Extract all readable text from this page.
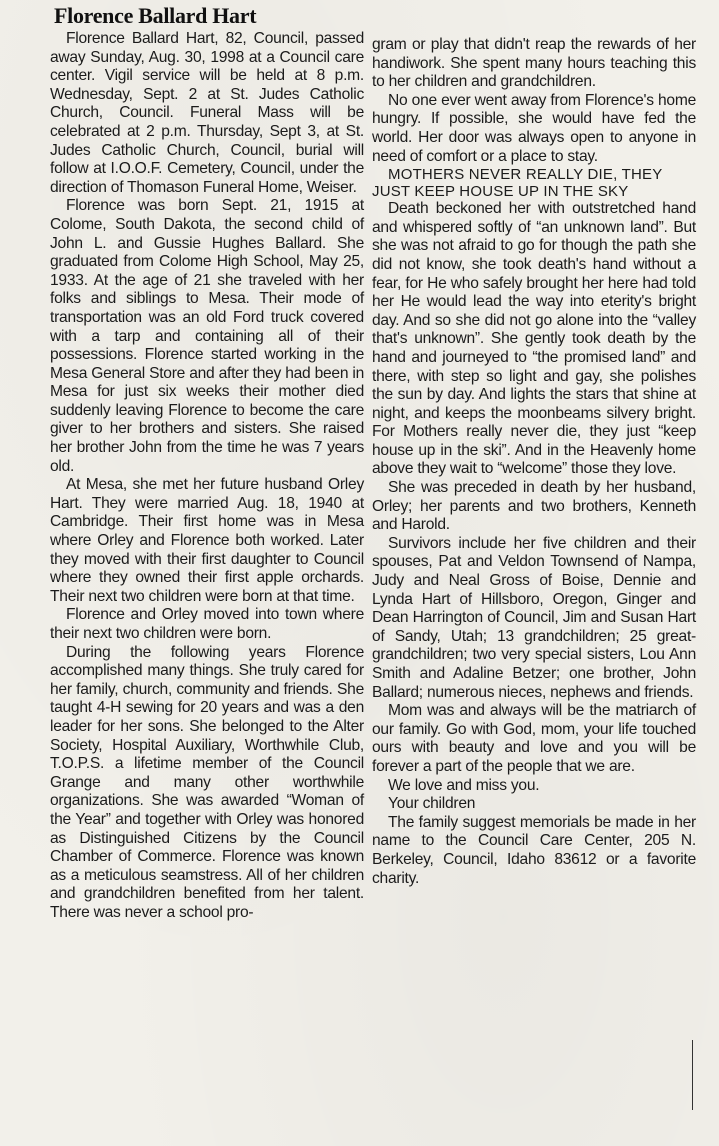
Florence Ballard Hart

Florence Ballard Hart, 82, Council, passed away Sunday, Aug. 30, 1998 at a Council care center. Vigil service will be held at 8 p.m. Wednesday, Sept. 2 at St. Judes Catholic Church, Council. Funeral Mass will be celebrated at 2 p.m. Thursday, Sept 3, at St. Judes Catholic Church, Council, burial will follow at I.O.O.F. Cemetery, Council, under the direction of Thomason Funeral Home, Weiser.

Florence was born Sept. 21, 1915 at Colome, South Dakota, the second child of John L. and Gussie Hughes Ballard. She graduated from Colome High School, May 25, 1933. At the age of 21 she traveled with her folks and siblings to Mesa. Their mode of transportation was an old Ford truck covered with a tarp and containing all of their possessions. Florence started working in the Mesa General Store and after they had been in Mesa for just six weeks their mother died suddenly leaving Florence to become the care giver to her brothers and sisters. She raised her brother John from the time he was 7 years old.

At Mesa, she met her future husband Orley Hart. They were married Aug. 18, 1940 at Cambridge. Their first home was in Mesa where Orley and Florence both worked. Later they moved with their first daughter to Council where they owned their first apple orchards. Their next two children were born at that time.

Florence and Orley moved into town where their next two children were born.

During the following years Florence accomplished many things. She truly cared for her family, church, community and friends. She taught 4-H sewing for 20 years and was a den leader for her sons. She belonged to the Alter Society, Hospital Auxiliary, Worthwhile Club, T.O.P.S. a lifetime member of the Council Grange and many other worthwhile organizations. She was awarded “Woman of the Year” and together with Orley was honored as Distinguished Citizens by the Council Chamber of Commerce. Florence was known as a meticulous seamstress. All of her children and grandchildren benefited from her talent. There was never a school pro-

gram or play that didn't reap the rewards of her handiwork. She spent many hours teaching this to her children and grandchildren.

No one ever went away from Florence's home hungry. If possible, she would have fed the world. Her door was always open to anyone in need of comfort or a place to stay.

MOTHERS NEVER REALLY DIE, THEY JUST KEEP HOUSE UP IN THE SKY

Death beckoned her with outstretched hand and whispered softly of “an unknown land”. But she was not afraid to go for though the path she did not know, she took death's hand without a fear, for He who safely brought her here had told her He would lead the way into eterity's bright day. And so she did not go alone into the “valley that's unknown”. She gently took death by the hand and journeyed to “the promised land” and there, with step so light and gay, she polishes the sun by day. And lights the stars that shine at night, and keeps the moonbeams silvery bright. For Mothers really never die, they just “keep house up in the ski”. And in the Heavenly home above they wait to “welcome” those they love.

She was preceded in death by her husband, Orley; her parents and two brothers, Kenneth and Harold.

Survivors include her five children and their spouses, Pat and Veldon Townsend of Nampa, Judy and Neal Gross of Boise, Dennie and Lynda Hart of Hillsboro, Oregon, Ginger and Dean Harrington of Council, Jim and Susan Hart of Sandy, Utah; 13 grandchildren; 25 great-grandchildren; two very special sisters, Lou Ann Smith and Adaline Betzer; one brother, John Ballard; numerous nieces, nephews and friends.

Mom was and always will be the matriarch of our family. Go with God, mom, your life touched ours with beauty and love and you will be forever a part of the people that we are.

We love and miss you.

Your children

The family suggest memorials be made in her name to the Council Care Center, 205 N. Berkeley, Council, Idaho 83612 or a favorite charity.
